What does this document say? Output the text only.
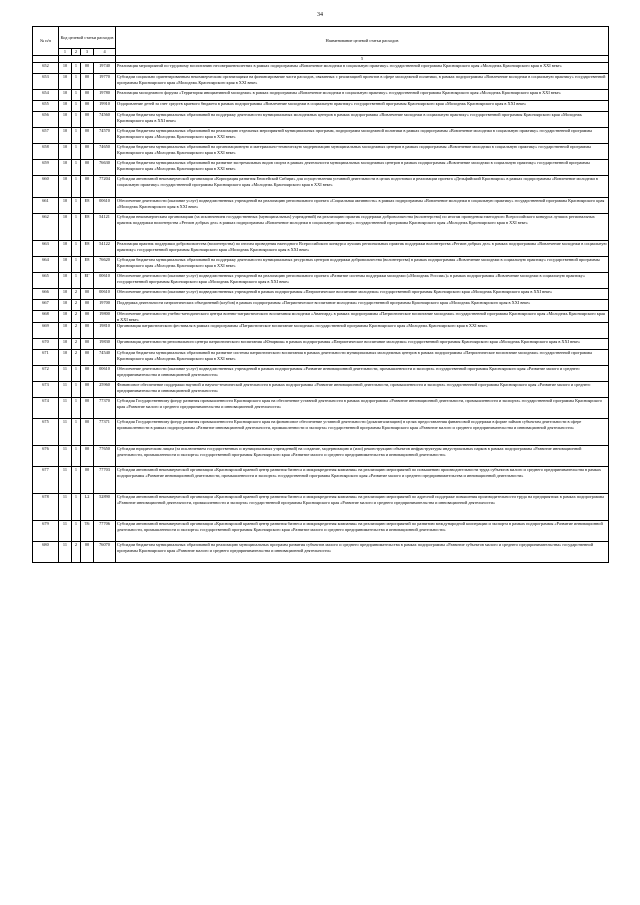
34
№ п/п	Код целевой статьи расходов				Наименование целевой статьи расходов
	1	2	3	4	
					5
652	10	1	00	19740	Реализация мероприятий по трудовому воспитанию несовершеннолетних в рамках подпрограммы «Вовлечение молодежи в социальную практику» государственной программы Красноярского края «Молодежь Красноярского края в XXI веке»
653	10	1	00	19770	Субсидии социально ориентированным некоммерческим организациям на финансирование части расходов, связанных с реализацией проектов в сфере молодежной политики, в рамках подпрограммы «Вовлечение молодежи в социальную практику» государственной программы Красноярского края «Молодежь Красноярского края в XXI веке»
654	10	1	00	19780	Реализация молодежного форума «Территория инициативной молодежи» в рамках подпрограммы «Вовлечение молодежи в социальную практику» государственной программы Красноярского края «Молодежь Красноярского края в XXI веке»
655	10	1	00	19910	Оздоровление детей за счет средств краевого бюджета в рамках подпрограммы «Вовлечение молодежи в социальную практику» государственной программы Красноярского края «Молодежь Красноярского края в XXI веке»
656	10	1	00	74560	Субсидии бюджетам муниципальных образований на поддержку деятельности муниципальных молодежных центров в рамках подпрограммы «Вовлечение молодежи в социальную практику» государственной программы Красноярского края «Молодежь Красноярского края в XXI веке»
657	10	1	00	74570	Субсидии бюджетам муниципальных образований на реализацию отдельных мероприятий муниципальных программ, подпрограмм молодежной политики в рамках подпрограммы «Вовлечение молодежи в социальную практику» государственной программы Красноярского края «Молодежь Красноярского края в XXI веке»
658	10	1	00	74650	Субсидии бюджетам муниципальных образований на организационную и материально-техническую модернизацию муниципальных молодежных центров в рамках подпрограммы «Вовлечение молодежи в социальную практику» государственной программы Красноярского края «Молодежь Красноярского края в XXI веке»
659	10	1	00	76630	Субсидии бюджетам муниципальных образований на развитие экстремальных видов спорта в рамках деятельности муниципальных молодежных центров в рамках подпрограммы «Вовлечение молодежи в социальную практику» государственной программы Красноярского края «Молодежь Красноярского края в XXI веке»
660	10	1	00	77204	Субсидии автономной некоммерческой организации «Корпорация развития Енисейской Сибири» для осуществления уставной деятельности в целях подготовки и реализации проекта «Дельфийский Красноярск» в рамках подпрограммы «Вовлечение молодежи в социальную практику» государственной программы Красноярского края «Молодежь Красноярского края в XXI веке»
661	10	1	E8	00610	Обеспечение деятельности (оказание услуг) подведомственных учреждений на реализацию регионального проекта «Социальная активность» в рамках подпрограммы «Вовлечение молодежи в социальную практику» государственной программы Красноярского края «Молодежь Красноярского края в XXI веке»
662	10	1	E8	54121	Субсидии некоммерческим организациям (за исключением государственных (муниципальных) учреждений) на реализацию практик поддержки добровольчества (волонтерства) по итогам проведения ежегодного Всероссийского конкурса лучших региональных практик поддержки волонтерства «Регион добрых дел» в рамках подпрограммы «Вовлечение молодежи в социальную практику» государственной программы Красноярского края «Молодежь Красноярского края в XXI веке»
663	10	1	E8	54122	Реализация практик поддержки добровольчества (волонтерства) по итогам проведения ежегодного Всероссийского конкурса лучших региональных практик поддержки волонтерства «Регион добрых дел» в рамках подпрограммы «Вовлечение молодежи в социальную практику» государственной программы Красноярского края «Молодежь Красноярского края в XXI веке»
664	10	1	E8	76620	Субсидии бюджетам муниципальных образований на поддержку деятельности муниципальных ресурсных центров поддержки добровольчества (волонтерства) в рамках подпрограммы «Вовлечение молодежи в социальную практику» государственной программы Красноярского края «Молодежь Красноярского края в XXI веке»
665	10	1	EГ	00610	Обеспечение деятельности (оказание услуг) подведомственных учреждений на реализацию регионального проекта «Развитие системы поддержки молодежи («Молодежь России»)» в рамках подпрограммы «Вовлечение молодежи в социальную практику» государственной программы Красноярского края «Молодежь Красноярского края в XXI веке»
666	10	2	00	00610	Обеспечение деятельности (оказание услуг) подведомственных учреждений в рамках подпрограммы «Патриотическое воспитание молодежи» государственной программы Красноярского края «Молодежь Красноярского края в XXI веке»
667	10	2	00	19700	Поддержка деятельности патриотических объединений (клубов) в рамках подпрограммы «Патриотическое воспитание молодежи» государственной программы Красноярского края «Молодежь Красноярского края в XXI веке»
668	10	2	00	19800	Обеспечение деятельности учебно-методического центра военно-патриотического воспитания молодежи «Авангард» в рамках подпрограммы «Патриотическое воспитание молодежи» государственной программы Красноярского края «Молодежь Красноярского края в XXI веке»
669	10	2	00	19810	Организация патриотического фестиваля в рамках подпрограммы «Патриотическое воспитание молодежи» государственной программы Красноярского края «Молодежь Красноярского края в XXI веке»
670	10	2	00	19830	Организация деятельности регионального центра патриотического воспитания «Юнармия» в рамках подпрограммы «Патриотическое воспитание молодежи» государственной программы Красноярского края «Молодежь Красноярского края в XXI веке»
671	10	2	00	74540	Субсидии бюджетам муниципальных образований на развитие системы патриотического воспитания в рамках деятельности муниципальных молодежных центров в рамках подпрограммы «Патриотическое воспитание молодежи» государственной программы Красноярского края «Молодежь Красноярского края в XXI веке»
672	11	1	00	00610	Обеспечение деятельности (оказание услуг) подведомственных учреждений в рамках подпрограммы «Развитие инновационной деятельности, промышленности и экспорта» государственной программы Красноярского края «Развитие малого и среднего предпринимательства и инновационной деятельности»
673	11	1	00	25960	Финансовое обеспечение поддержки научной и научно-технической деятельности в рамках подпрограммы «Развитие инновационной деятельности, промышленности и экспорта» государственной программы Красноярского края «Развитие малого и среднего предпринимательства и инновационной деятельности»
674	11	1	00	77370	Субсидия Государственному фонду развития промышленности Красноярского края на обеспечение уставной деятельности в рамках подпрограммы «Развитие инновационной деятельности, промышленности и экспорта» государственной программы Красноярского края «Развитие малого и среднего предпринимательства и инновационной деятельности»
675	11	1	00	77371	Субсидия Государственному фонду развития промышленности Красноярского края на финансовое обеспечение уставной деятельности (докапитализацию) в целях предоставления финансовой поддержки в форме займов субъектам деятельности в сфере промышленности в рамках подпрограммы «Развитие инновационной деятельности, промышленности и экспорта» государственной программы Красноярского края «Развитие малого и среднего предпринимательства и инновационной деятельности»
676	11	1	00	77650	Субсидии юридическим лицам (за исключением государственных и муниципальных учреждений) на создание, модернизацию и (или) реконструкцию объектов инфраструктуры индустриальных парков в рамках подпрограммы «Развитие инновационной деятельности, промышленности и экспорта» государственной программы Красноярского края «Развитие малого и среднего предпринимательства и инновационной деятельности»
677	11	1	00	77703	Субсидии автономной некоммерческой организации «Красноярский краевой центр развития бизнеса и микрокредитная компания» на реализацию мероприятий по повышению производительности труда субъектов малого и среднего предпринимательства в рамках подпрограммы «Развитие инновационной деятельности, промышленности и экспорта» государственной программы Красноярского края «Развитие малого и среднего предпринимательства и инновационной деятельности»
678	11	1	L2	52890	Субсидии автономной некоммерческой организации «Красноярский краевой центр развития бизнеса и микрокредитная компания» на реализацию мероприятий по адресной поддержке повышения производительности труда на предприятиях в рамках подпрограммы «Развитие инновационной деятельности, промышленности и экспорта» государственной программы Красноярского края «Развитие малого и среднего предпринимательства и инновационной деятельности»
679	11	1	T6	77706	Субсидии автономной некоммерческой организации «Красноярский краевой центр развития бизнеса и микрокредитная компания» на реализацию мероприятий по развитию международной кооперации и экспорта в рамках подпрограммы «Развитие инновационной деятельности, промышленности и экспорта» государственной программы Красноярского края «Развитие малого и среднего предпринимательства и инновационной деятельности»
680	11	2	00	76070	Субсидии бюджетам муниципальных образований на реализацию муниципальных программ развития субъектов малого и среднего предпринимательства в рамках подпрограммы «Развитие субъектов малого и среднего предпринимательства» государственной программы Красноярского края «Развитие малого и среднего предпринимательства и инновационной деятельности»
